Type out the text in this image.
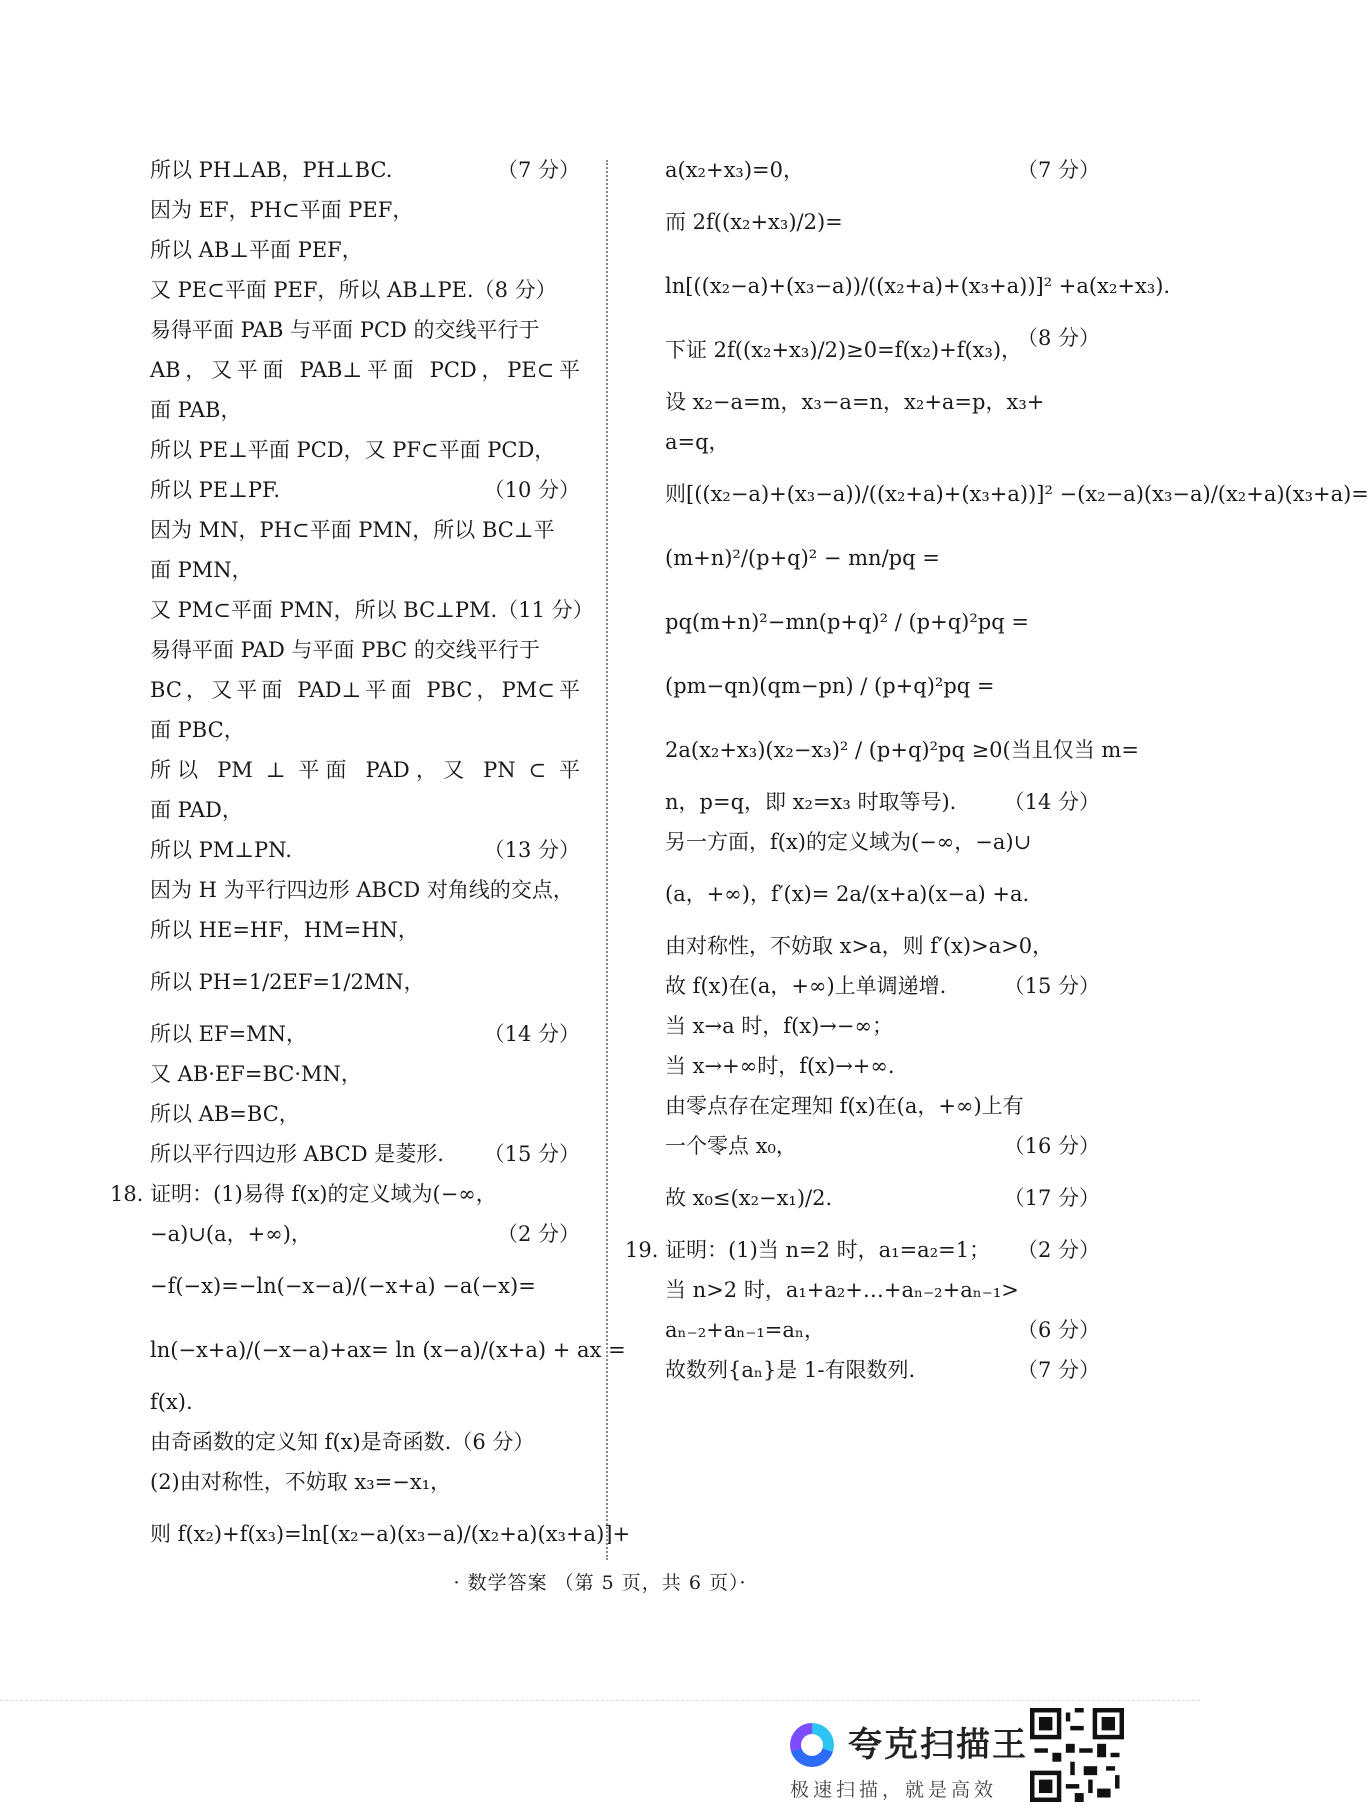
所以 PH⊥AB，PH⊥BC.	（7 分）
因为 EF，PH⊂平面 PEF，
所以 AB⊥平面 PEF，
又 PE⊂平面 PEF，所以 AB⊥PE.（8 分）
易得平面 PAB 与平面 PCD 的交线平行于
AB，又平面 PAB⊥平面 PCD，PE⊂平
面 PAB，
所以 PE⊥平面 PCD，又 PF⊂平面 PCD，
所以 PE⊥PF.	（10 分）
因为 MN，PH⊂平面 PMN，所以 BC⊥平
面 PMN，
又 PM⊂平面 PMN，所以 BC⊥PM.（11 分）
易得平面 PAD 与平面 PBC 的交线平行于
BC，又平面 PAD⊥平面 PBC，PM⊂平
面 PBC，
所以 PM ⊥ 平面 PAD，又 PN ⊂ 平
面 PAD，
所以 PM⊥PN.	（13 分）
因为 H 为平行四边形 ABCD 对角线的交点，
所以 HE=HF，HM=HN，
所以 PH=1/2EF=1/2MN，
所以 EF=MN，	（14 分）
又 AB·EF=BC·MN，
所以 AB=BC，
所以平行四边形 ABCD 是菱形. （15 分）
18. 证明：(1)易得 f(x)的定义域为(−∞，
−a)∪(a，+∞)，	（2 分）
−f(−x)=−ln(−x−a)/(−x+a) −a(−x)=
ln(−x+a)/(−x−a)+ax= ln (x−a)/(x+a) + ax =
f(x).
由奇函数的定义知 f(x)是奇函数.（6 分）
(2)由对称性，不妨取 x₃=−x₁，
则 f(x₂)+f(x₃)=ln[(x₂−a)(x₃−a)/(x₂+a)(x₃+a)]+
a(x₂+x₃)=0，	（7 分）
而 2f((x₂+x₃)/2)=
ln[((x₂−a)+(x₃−a))/((x₂+a)+(x₃+a))]² +a(x₂+x₃).
（8 分）
下证 2f((x₂+x₃)/2)≥0=f(x₂)+f(x₃)，
设 x₂−a=m，x₃−a=n，x₂+a=p，x₃+
a=q，
则[((x₂−a)+(x₃−a))/((x₂+a)+(x₃+a))]² −(x₂−a)(x₃−a)/(x₂+a)(x₃+a)=
(m+n)²/(p+q)² − mn/pq =
pq(m+n)²−mn(p+q)² / (p+q)²pq =
(pm−qn)(qm−pn) / (p+q)²pq =
2a(x₂+x₃)(x₂−x₃)² / (p+q)²pq ≥0(当且仅当 m=
n，p=q，即 x₂=x₃ 时取等号). （14 分）
另一方面，f(x)的定义域为(−∞，−a)∪
(a，+∞)，f′(x)= 2a/(x+a)(x−a) +a.
由对称性，不妨取 x>a，则 f′(x)>a>0，
故 f(x)在(a，+∞)上单调递增.	（15 分）
当 x→a 时，f(x)→−∞；
当 x→+∞时，f(x)→+∞.
由零点存在定理知 f(x)在(a，+∞)上有
一个零点 x₀，	（16 分）
故 x₀≤(x₂−x₁)/2.	（17 分）
19. 证明：(1)当 n=2 时，a₁=a₂=1； （2 分）
当 n>2 时，a₁+a₂+…+aₙ₋₂+aₙ₋₁>
aₙ₋₂+aₙ₋₁=aₙ，	（6 分）
故数列{aₙ}是 1-有限数列.	（7 分）
· 数学答案 （第 5 页，共 6 页）·
夸克扫描王
极速扫描，就是高效
